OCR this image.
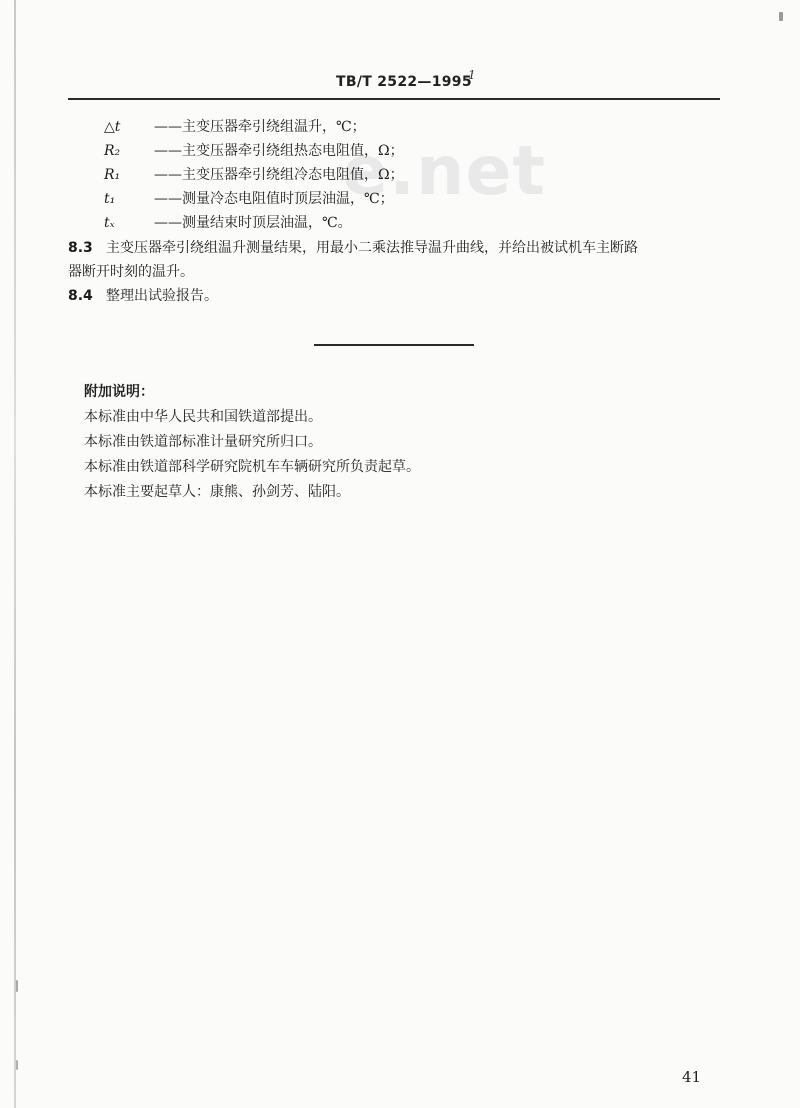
e.net
TB/T 2522—1995
1
△t ——主变压器牵引绕组温升，℃；
R₂ ——主变压器牵引绕组热态电阻值，Ω；
R₁ ——主变压器牵引绕组冷态电阻值，Ω；
t₁	——测量冷态电阻值时顶层油温，℃；
tₓ	——测量结束时顶层油温，℃。
8.3 主变压器牵引绕组温升测量结果，用最小二乘法推导温升曲线，并给出被试机车主断路
器断开时刻的温升。
8.4 整理出试验报告。
附加说明：
本标准由中华人民共和国铁道部提出。
本标准由铁道部标准计量研究所归口。
本标准由铁道部科学研究院机车车辆研究所负责起草。
本标准主要起草人：康熊、孙剑芳、陆阳。
41
